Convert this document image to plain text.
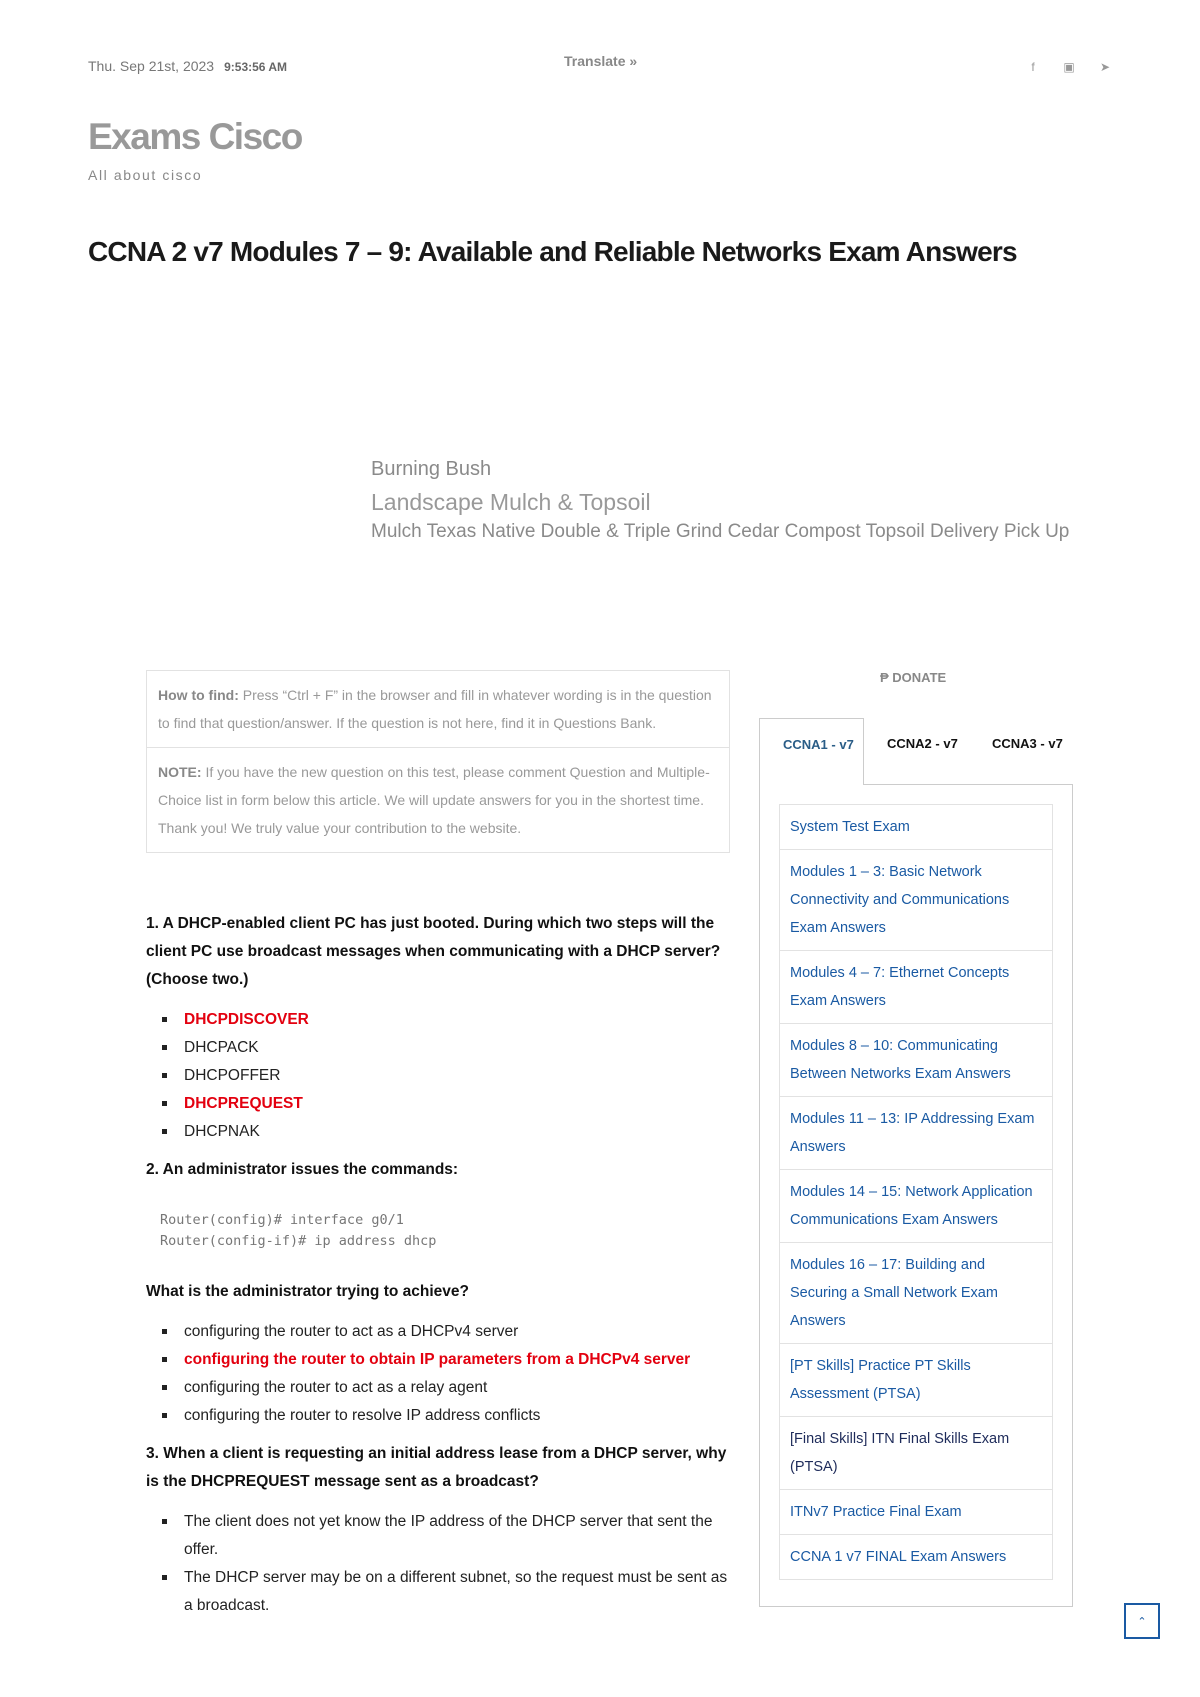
Thu. Sep 21st, 2023 9:53:56 AM	Translate »	f	▣ ➤
Exams Cisco
All about cisco
CCNA 2 v7 Modules 7 – 9: Available and Reliable Networks Exam Answers
Burning Bush
Landscape Mulch & Topsoil
Mulch Texas Native Double & Triple Grind Cedar Compost Topsoil Delivery Pick Up
How to find: Press “Ctrl + F” in the browser and fill in whatever wording is in the question to find that question/answer. If the question is not here, find it in Questions Bank.
NOTE: If you have the new question on this test, please comment Question and Multiple-Choice list in form below this article. We will update answers for you in the shortest time. Thank you! We truly value your contribution to the website.

1. A DHCP-enabled client PC has just booted. During which two steps will the client PC use broadcast messages when communicating with a DHCP server? (Choose two.)

DHCPDISCOVER
DHCPACK
DHCPOFFER
DHCPREQUEST
DHCPNAK

2. An administrator issues the commands:

Router(config)# interface g0/1
Router(config-if)# ip address dhcp

What is the administrator trying to achieve?

configuring the router to act as a DHCPv4 server
configuring the router to obtain IP parameters from a DHCPv4 server
configuring the router to act as a relay agent
configuring the router to resolve IP address conflicts

3. When a client is requesting an initial address lease from a DHCP server, why is the DHCPREQUEST message sent as a broadcast?

The client does not yet know the IP address of the DHCP server that sent the offer.
The DHCP server may be on a different subnet, so the request must be sent as a broadcast.
₱ DONATE
CCNA1 - v7	CCNA2 - v7	CCNA3 - v7
System Test Exam
Modules 1 – 3: Basic Network Connectivity and Communications Exam Answers
Modules 4 – 7: Ethernet Concepts Exam Answers
Modules 8 – 10: Communicating Between Networks Exam Answers
Modules 11 – 13: IP Addressing Exam Answers
Modules 14 – 15: Network Application Communications Exam Answers
Modules 16 – 17: Building and Securing a Small Network Exam Answers
[PT Skills] Practice PT Skills Assessment (PTSA)
[Final Skills] ITN Final Skills Exam (PTSA)
ITNv7 Practice Final Exam
CCNA 1 v7 FINAL Exam Answers
⌃
